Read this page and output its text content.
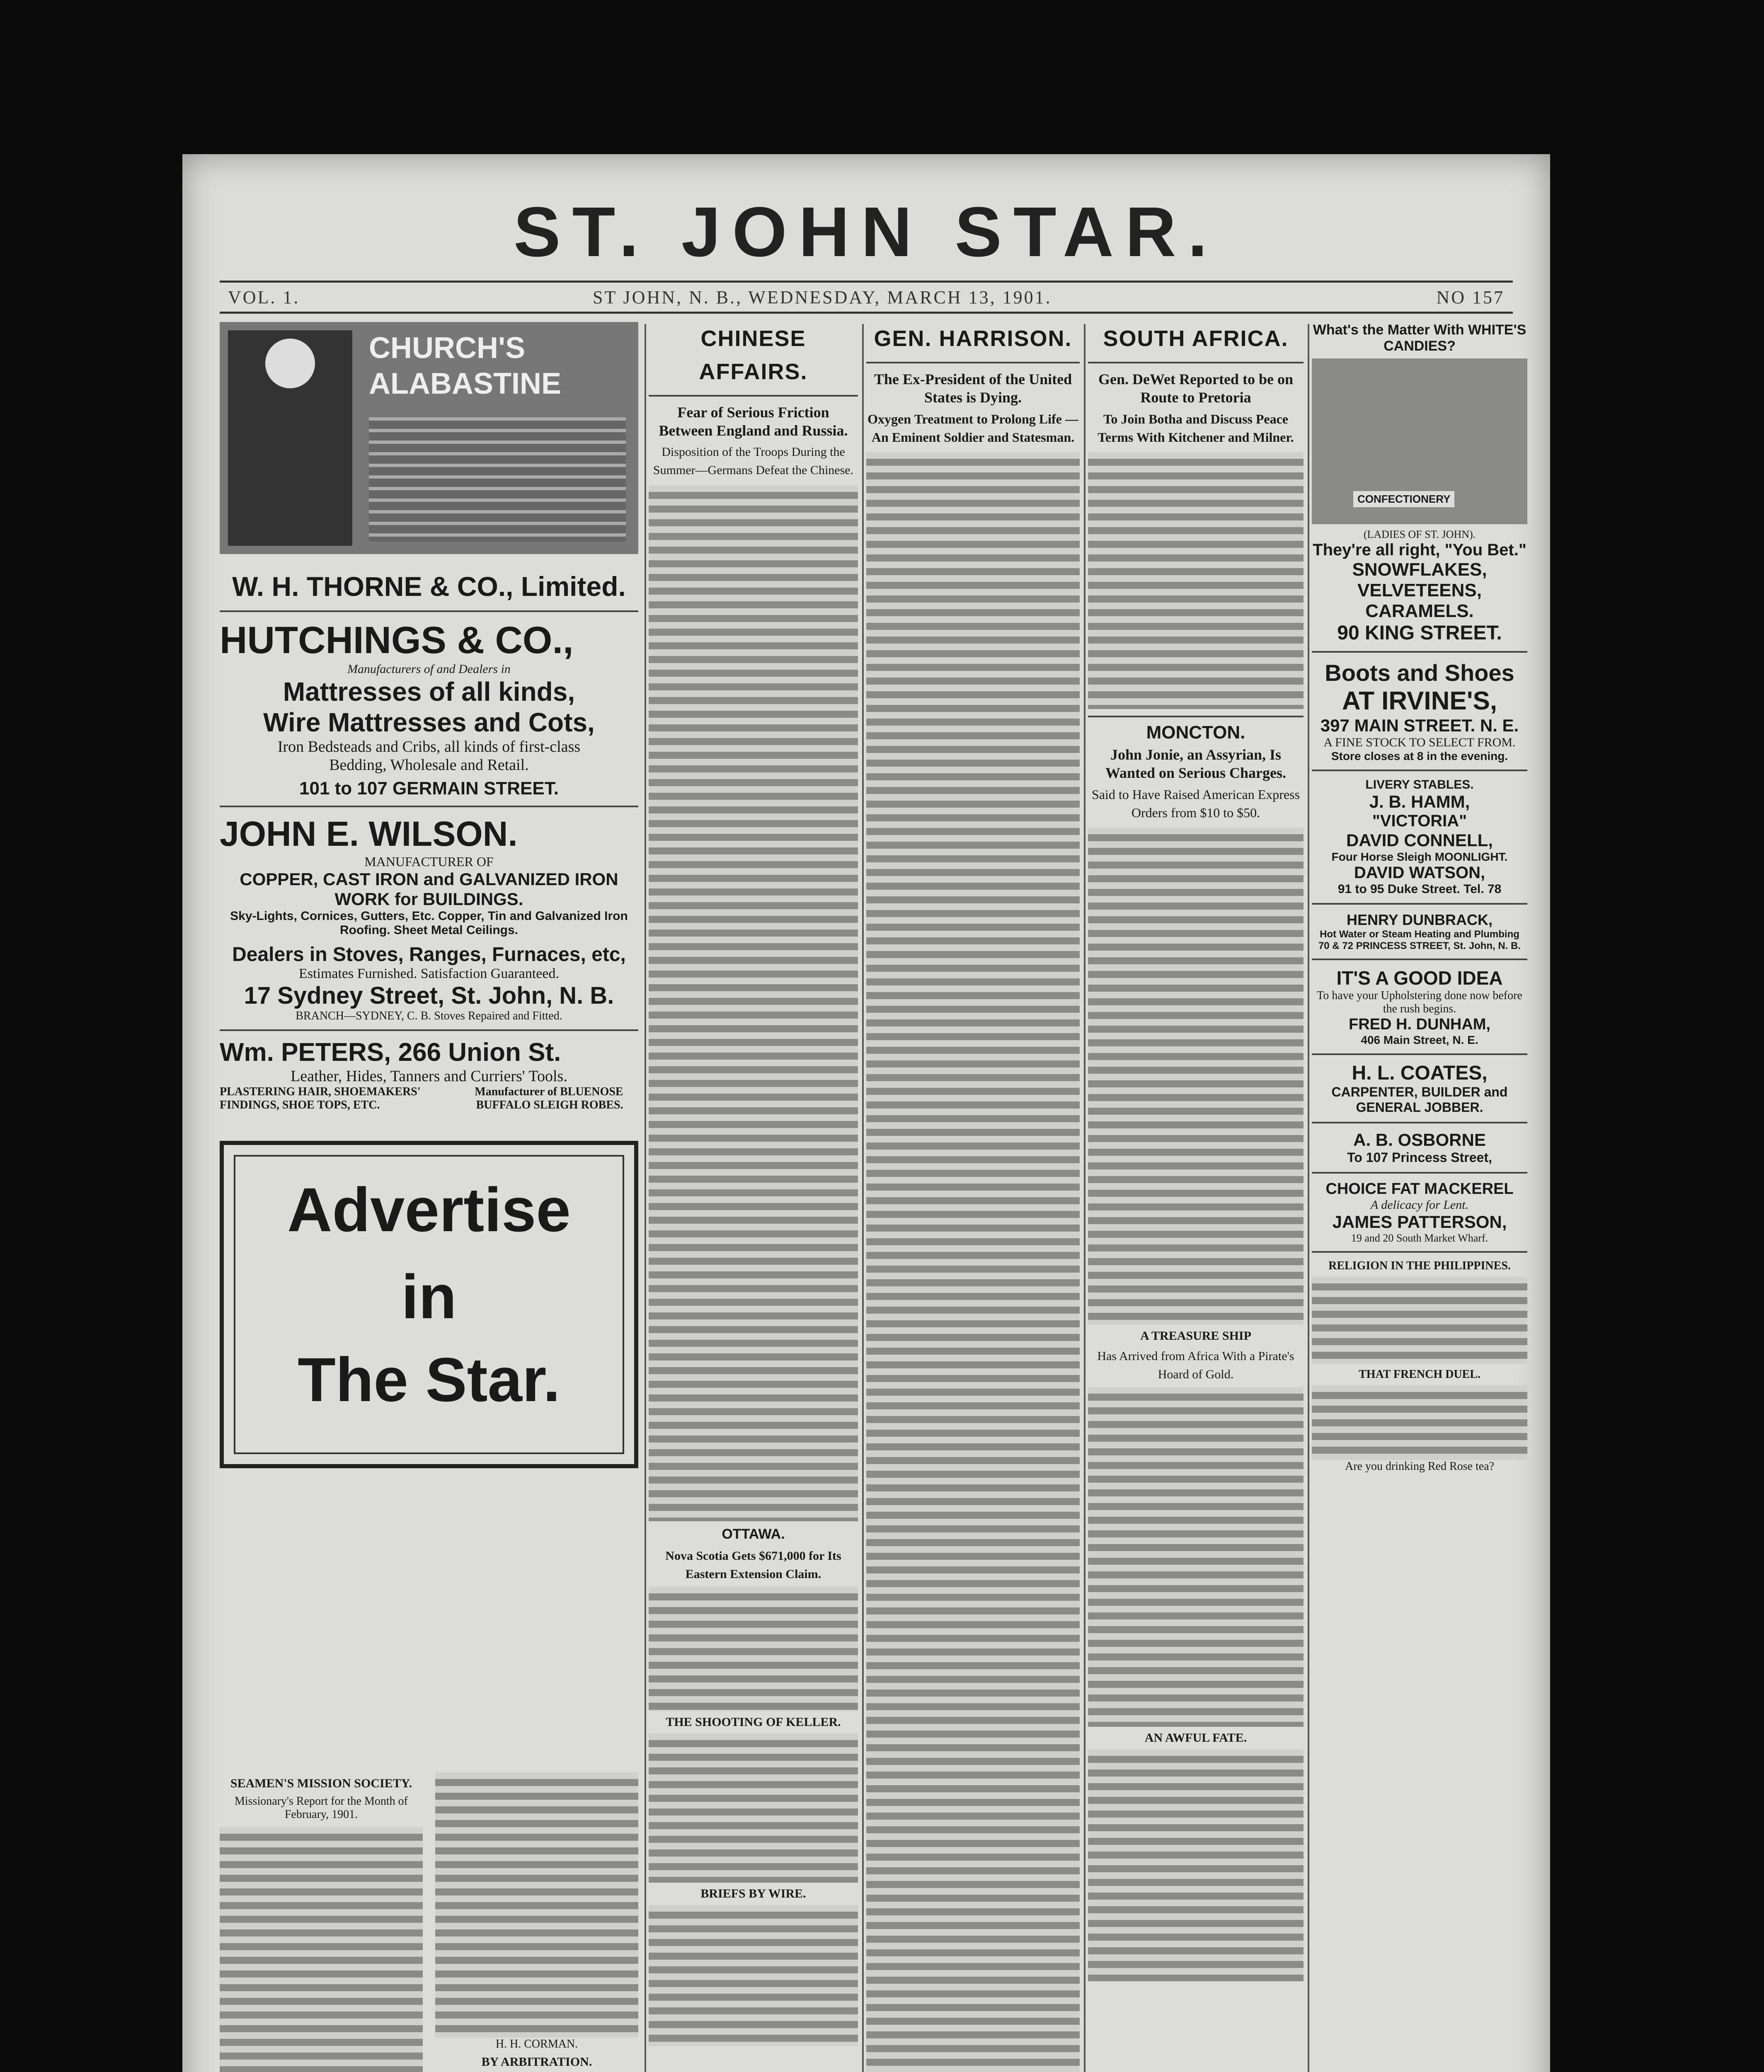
ST. JOHN STAR.
VOL. 1.	ST JOHN, N. B., WEDNESDAY, MARCH 13, 1901.	NO 157
CHURCH'S ALABASTINE
W. H. THORNE & CO., Limited.
HUTCHINGS & CO.,
Manufacturers of and Dealers in
Mattresses of all kinds,
Wire Mattresses and Cots,
Iron Bedsteads and Cribs, all kinds of first-class
Bedding, Wholesale and Retail.
101 to 107 GERMAIN STREET.
JOHN E. WILSON.
MANUFACTURER OF
COPPER, CAST IRON and GALVANIZED IRON
WORK for BUILDINGS.
Sky-Lights, Cornices, Gutters, Etc. Copper, Tin and Galvanized Iron Roofing. Sheet Metal Ceilings.
Dealers in Stoves, Ranges, Furnaces, etc,
Estimates Furnished. Satisfaction Guaranteed.
17 Sydney Street, St. John, N. B.
BRANCH—SYDNEY, C. B. Stoves Repaired and Fitted.
Wm. PETERS, 266 Union St.
Leather, Hides, Tanners and Curriers' Tools.
PLASTERING HAIR, SHOEMAKERS' FINDINGS, SHOE TOPS, ETC. Manufacturer of BLUENOSE BUFFALO SLEIGH ROBES.
Advertise
in
The Star.
SEAMEN'S MISSION SOCIETY.
Missionary's Report for the Month of February, 1901.
H. H. CORMAN.
BY ARBITRATION.
CHINESE AFFAIRS.
Fear of Serious Friction Between England and Russia.
Disposition of the Troops During the Summer—Germans Defeat the Chinese.
OTTAWA.
Nova Scotia Gets $671,000 for Its Eastern Extension Claim.
THE SHOOTING OF KELLER.
BRIEFS BY WIRE.
GEN. HARRISON.
The Ex-President of the United States is Dying.
Oxygen Treatment to Prolong Life —An Eminent Soldier and Statesman.
SOUTH AFRICA.
Gen. DeWet Reported to be on Route to Pretoria
To Join Botha and Discuss Peace Terms With Kitchener and Milner.
MONCTON.
John Jonie, an Assyrian, Is Wanted on Serious Charges.
Said to Have Raised American Express Orders from $10 to $50.
A TREASURE SHIP
Has Arrived from Africa With a Pirate's Hoard of Gold.
AN AWFUL FATE.
What's the Matter With WHITE'S CANDIES?
CONFECTIONERY
(LADIES OF ST. JOHN).
They're all right, "You Bet."
SNOWFLAKES,
VELVETEENS,
CARAMELS.
90 KING STREET.
Boots and Shoes
AT IRVINE'S,
397 MAIN STREET. N. E.
A FINE STOCK TO SELECT FROM.
Store closes at 8 in the evening.
LIVERY STABLES.
J. B. HAMM,
"VICTORIA"
DAVID CONNELL,
Four Horse Sleigh MOONLIGHT.
DAVID WATSON,
91 to 95 Duke Street. Tel. 78
HENRY DUNBRACK,
Hot Water or Steam Heating and Plumbing
70 & 72 PRINCESS STREET, St. John, N. B.
IT'S A GOOD IDEA
To have your Upholstering done now before the rush begins.
FRED H. DUNHAM,
406 Main Street, N. E.
H. L. COATES,
CARPENTER, BUILDER and GENERAL JOBBER.
A. B. OSBORNE
To 107 Princess Street,
CHOICE FAT MACKEREL
A delicacy for Lent.
JAMES PATTERSON,
19 and 20 South Market Wharf.
RELIGION IN THE PHILIPPINES.
THAT FRENCH DUEL.
Are you drinking Red Rose tea?
